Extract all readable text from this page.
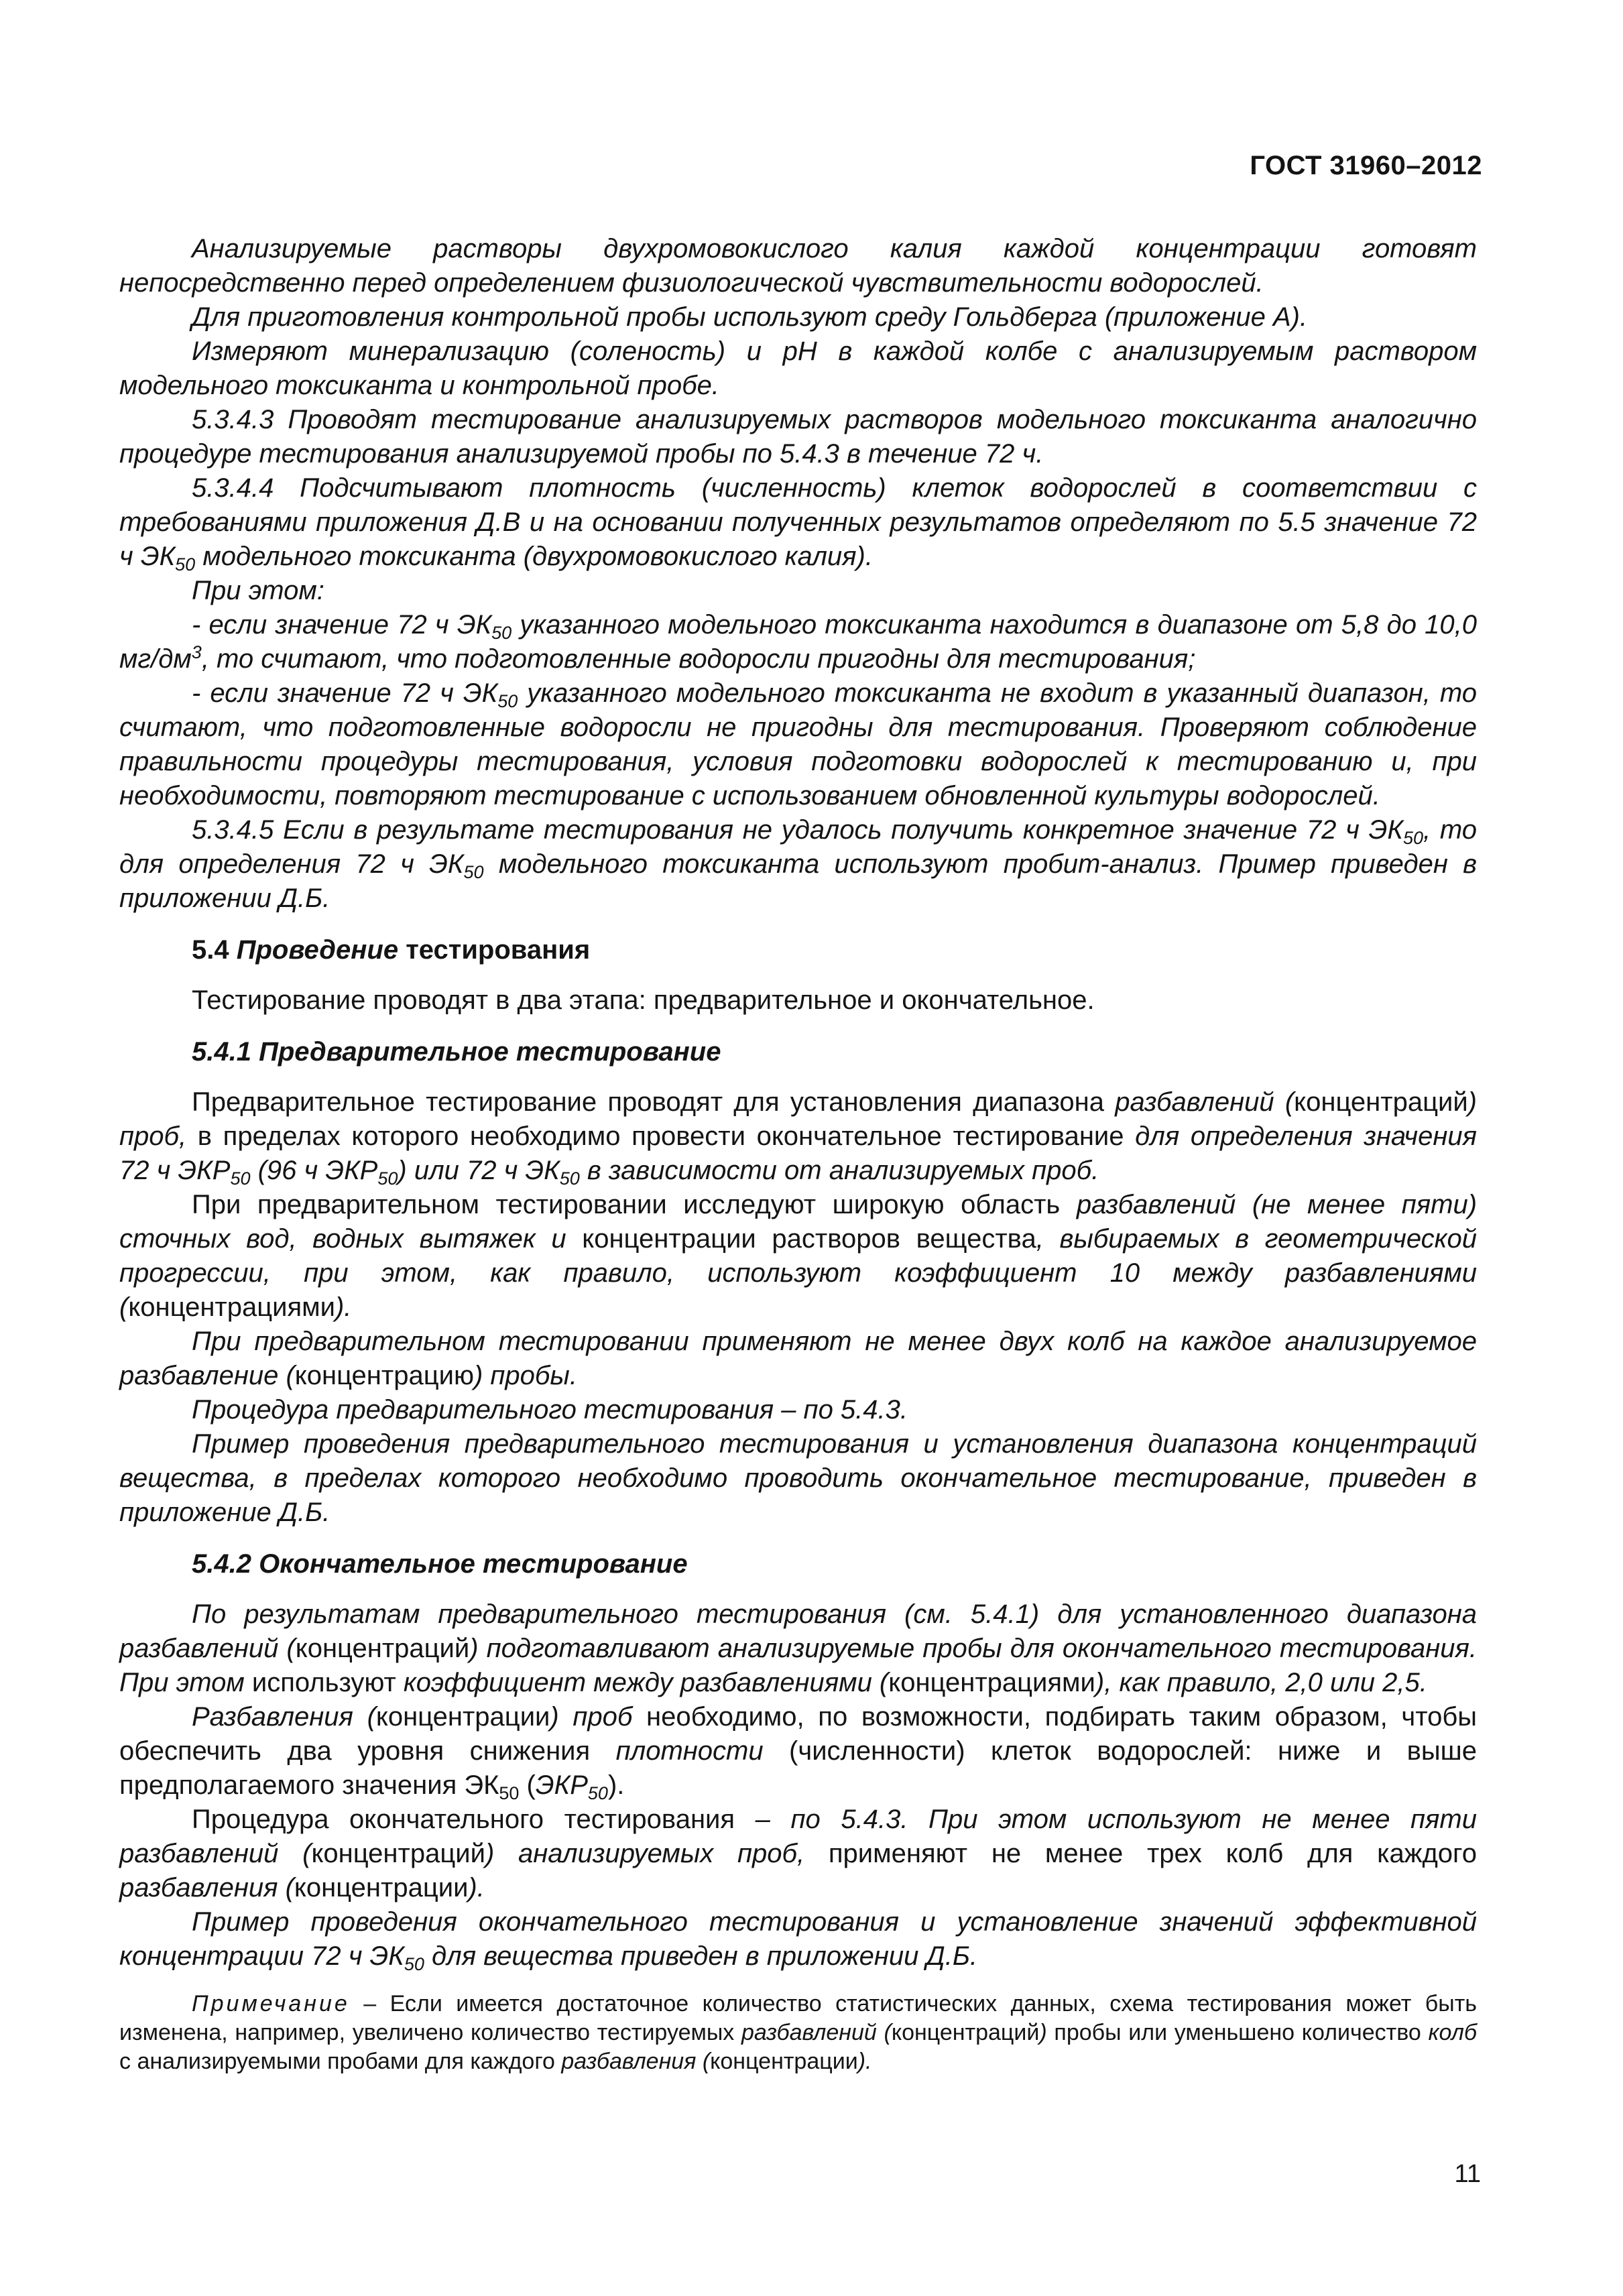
ГОСТ 31960–2012

Анализируемые растворы двухромовокислого калия каждой концентрации готовят непосредственно перед определением физиологической чувствительности водорослей.

Для приготовления контрольной пробы используют среду Гольдберга (приложение А).

Измеряют минерализацию (соленость) и pH в каждой колбе с анализируемым раствором модельного токсиканта и контрольной пробе.

5.3.4.3 Проводят тестирование анализируемых растворов модельного токсиканта аналогично процедуре тестирования анализируемой пробы по 5.4.3 в течение 72 ч.

5.3.4.4 Подсчитывают плотность (численность) клеток водорослей в соответствии с требованиями приложения Д.В и на основании полученных результатов определяют по 5.5 значение 72 ч $ЭК_{50}$ модельного токсиканта (двухромовокислого калия).

При этом:

- если значение 72 ч $ЭК_{50}$ указанного модельного токсиканта находится в диапазоне от 5,8 до 10,0 $мг/дм^3$, то считают, что подготовленные водоросли пригодны для тестирования;

- если значение 72 ч $ЭК_{50}$ указанного модельного токсиканта не входит в указанный диапазон, то считают, что подготовленные водоросли не пригодны для тестирования. Проверяют соблюдение правильности процедуры тестирования, условия подготовки водорослей к тестированию и, при необходимости, повторяют тестирование с использованием обновленной культуры водорослей.

5.3.4.5 Если в результате тестирования не удалось получить конкретное значение 72 ч $ЭК_{50}$, то для определения 72 ч $ЭК_{50}$ модельного токсиканта используют пробит-анализ. Пример приведен в приложении Д.Б.

5.4 Проведение тестирования

Тестирование проводят в два этапа: предварительное и окончательное.

5.4.1 Предварительное тестирование

Предварительное тестирование проводят для установления диапазона разбавлений (концентраций) проб, в пределах которого необходимо провести окончательное тестирование для определения значения 72 ч $ЭКР_{50}$ (96 ч $ЭКР_{50}$) или 72 ч $ЭК_{50}$ в зависимости от анализируемых проб.

При предварительном тестировании исследуют широкую область разбавлений (не менее пяти) сточных вод, водных вытяжек и концентрации растворов вещества, выбираемых в геометрической прогрессии, при этом, как правило, используют коэффициент 10 между разбавлениями (концентрациями).

При предварительном тестировании применяют не менее двух колб на каждое анализируемое разбавление (концентрацию) пробы.

Процедура предварительного тестирования – по 5.4.3.

Пример проведения предварительного тестирования и установления диапазона концентраций вещества, в пределах которого необходимо проводить окончательное тестирование, приведен в приложение Д.Б.

5.4.2 Окончательное тестирование

По результатам предварительного тестирования (см. 5.4.1) для установленного диапазона разбавлений (концентраций) подготавливают анализируемые пробы для окончательного тестирования. При этом используют коэффициент между разбавлениями (концентрациями), как правило, 2,0 или 2,5.

Разбавления (концентрации) проб необходимо, по возможности, подбирать таким образом, чтобы обеспечить два уровня снижения плотности (численности) клеток водорослей: ниже и выше предполагаемого значения $ЭК_{50}$ $(ЭКР_{50})$.

Процедура окончательного тестирования – по 5.4.3. При этом используют не менее пяти разбавлений (концентраций) анализируемых проб, применяют не менее трех колб для каждого разбавления (концентрации).

Пример проведения окончательного тестирования и установление значений эффективной концентрации 72 ч $ЭК_{50}$ для вещества приведен в приложении Д.Б.

Примечание – Если имеется достаточное количество статистических данных, схема тестирования может быть изменена, например, увеличено количество тестируемых разбавлений (концентраций) пробы или уменьшено количество колб с анализируемыми пробами для каждого разбавления (концентрации).

11
